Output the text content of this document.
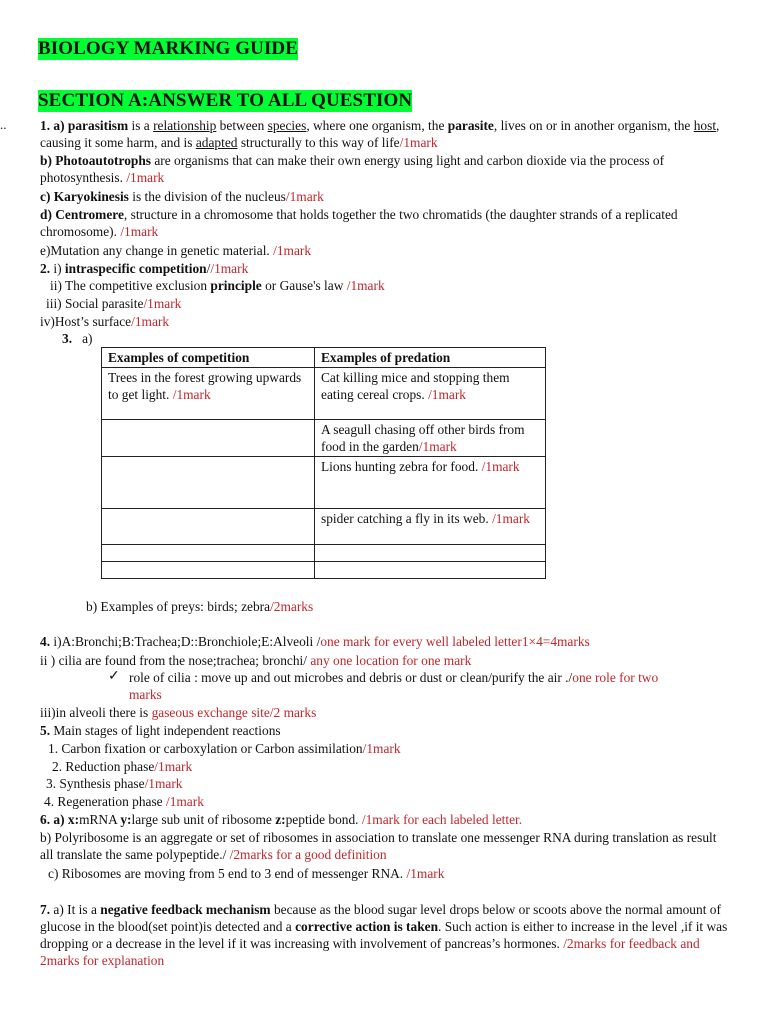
BIOLOGY MARKING GUIDE
SECTION A:ANSWER TO ALL QUESTION
..	1. a) parasitism is a relationship between species, where one organism, the parasite, lives on or in another organism, the host, causing it some harm, and is adapted structurally to this way of life/1mark
b) Photoautotrophs are organisms that can make their own energy using light and carbon dioxide via the process of photosynthesis. /1mark
c) Karyokinesis is the division of the nucleus/1mark
d) Centromere, structure in a chromosome that holds together the two chromatids (the daughter strands of a replicated chromosome). /1mark
e)Mutation any change in genetic material. /1mark
2. i) intraspecific competition//1mark
ii) The competitive exclusion principle or Gause's law /1mark
iii) Social parasite/1mark
iv)Host’s surface/1mark
3. a)
Examples of competition	Examples of predation
Trees in the forest growing upwards to get light. /1mark	Cat killing mice and stopping them eating cereal crops. /1mark
	A seagull chasing off other birds from food in the garden/1mark
	Lions hunting zebra for food. /1mark
	spider catching a fly in its web. /1mark

b) Examples of preys: birds; zebra/2marks
4. i)A:Bronchi;B:Trachea;D::Bronchiole;E:Alveoli /one mark for every well labeled letter1×4=4marks
ii ) cilia are found from the nose;trachea; bronchi/ any one location for one mark
✓ role of cilia : move up and out microbes and debris or dust or clean/purify the air ./one role for two
marks
iii)in alveoli there is gaseous exchange site/2 marks
5. Main stages of light independent reactions
1. Carbon fixation or carboxylation or Carbon assimilation/1mark
2. Reduction phase/1mark
3. Synthesis phase/1mark
4. Regeneration phase /1mark
6. a) x:mRNA y:large sub unit of ribosome z:peptide bond. /1mark for each labeled letter.
b) Polyribosome is an aggregate or set of ribosomes in association to translate one messenger RNA during translation as result all translate the same polypeptide./ /2marks for a good definition
c) Ribosomes are moving from 5 end to 3 end of messenger RNA. /1mark
7. a) It is a negative feedback mechanism because as the blood sugar level drops below or scoots above the normal amount of glucose in the blood(set point)is detected and a corrective action is taken. Such action is either to increase in the level ,if it was dropping or a decrease in the level if it was increasing with involvement of pancreas’s hormones. /2marks for feedback and 2marks for explanation
